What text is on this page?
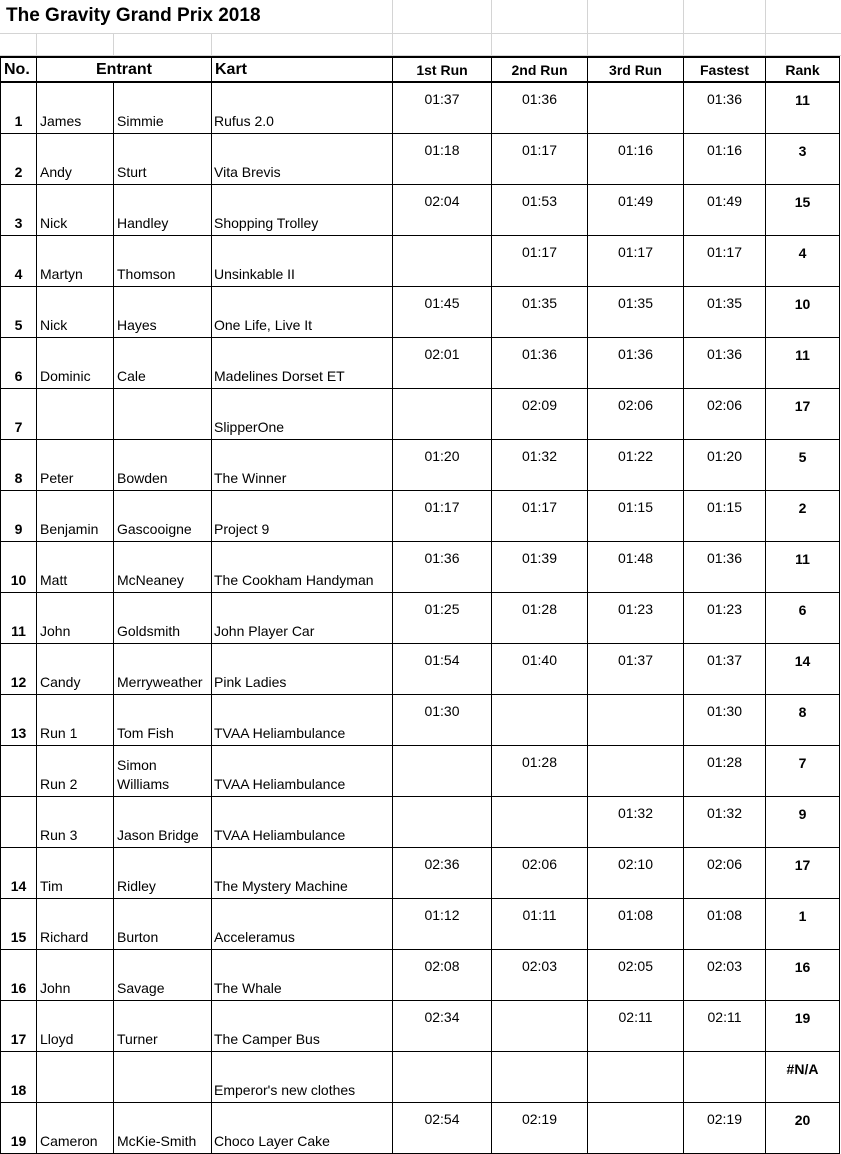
The Gravity Grand Prix 2018
No.	Entrant		Kart	1st Run	2nd Run	3rd Run	Fastest	Rank
1	James	Simmie	Rufus 2.0	01:37	01:36		01:36	11
2	Andy	Sturt	Vita Brevis	01:18	01:17	01:16	01:16	3
3	Nick	Handley	Shopping Trolley	02:04	01:53	01:49	01:49	15
4	Martyn	Thomson	Unsinkable II		01:17	01:17	01:17	4
5	Nick	Hayes	One Life, Live It	01:45	01:35	01:35	01:35	10
6	Dominic	Cale	Madelines Dorset ET	02:01	01:36	01:36	01:36	11
7			SlipperOne		02:09	02:06	02:06	17
8	Peter	Bowden	The Winner	01:20	01:32	01:22	01:20	5
9	Benjamin	Gascooigne	Project 9	01:17	01:17	01:15	01:15	2
10	Matt	McNeaney	The Cookham Handyman	01:36	01:39	01:48	01:36	11
11	John	Goldsmith	John Player Car	01:25	01:28	01:23	01:23	6
12	Candy	Merryweather	Pink Ladies	01:54	01:40	01:37	01:37	14
13	Run 1	Tom Fish	TVAA Heliambulance	01:30			01:30	8
	Run 2	Simon Williams	TVAA Heliambulance		01:28		01:28	7
	Run 3	Jason Bridge	TVAA Heliambulance			01:32	01:32	9
14	Tim	Ridley	The Mystery Machine	02:36	02:06	02:10	02:06	17
15	Richard	Burton	Acceleramus	01:12	01:11	01:08	01:08	1
16	John	Savage	The Whale	02:08	02:03	02:05	02:03	16
17	Lloyd	Turner	The Camper Bus	02:34		02:11	02:11	19
18			Emperor's new clothes					#N/A
19	Cameron	McKie-Smith	Choco Layer Cake	02:54	02:19		02:19	20
